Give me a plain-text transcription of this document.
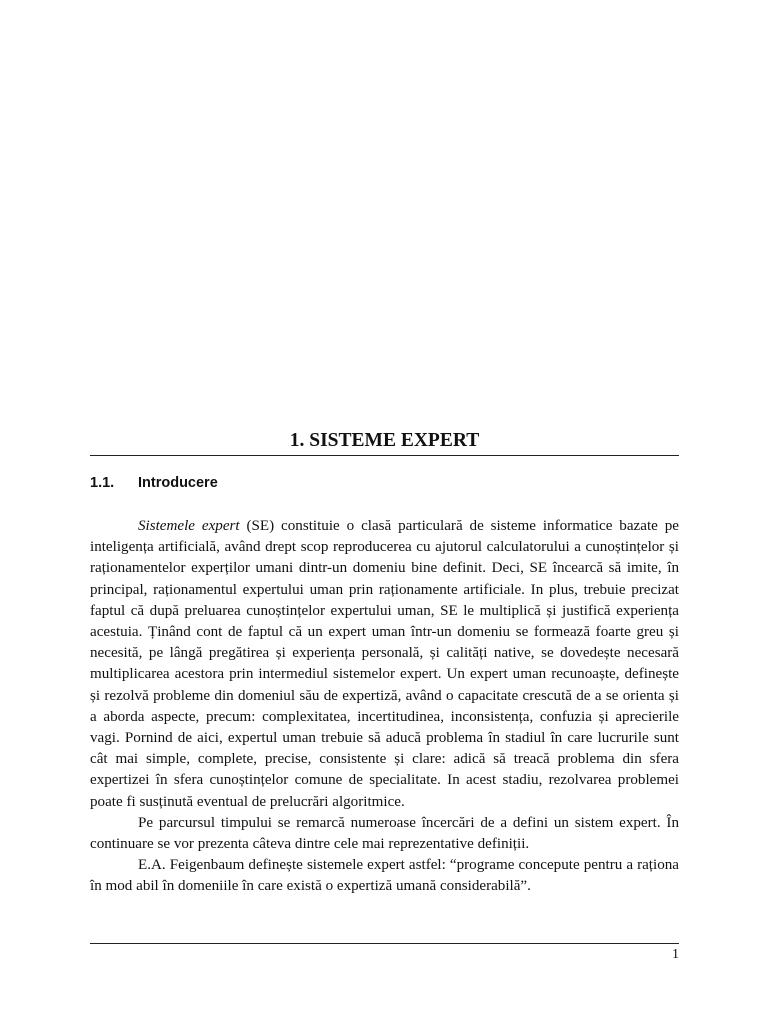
1. SISTEME EXPERT
1.1. Introducere

Sistemele expert (SE) constituie o clasă particulară de sisteme informatice bazate pe inteligența artificială, având drept scop reproducerea cu ajutorul calculatorului a cunoștințelor și raționamentelor experților umani dintr-un domeniu bine definit. Deci, SE încearcă să imite, în principal, raționamentul expertului uman prin raționamente artificiale. In plus, trebuie precizat faptul că după preluarea cunoștințelor expertului uman, SE le multiplică și justifică experiența acestuia. Ținând cont de faptul că un expert uman într-un domeniu se formează foarte greu și necesită, pe lângă pregătirea și experiența personală, și calități native, se dovedește necesară multiplicarea acestora prin intermediul sistemelor expert. Un expert uman recunoaște, definește și rezolvă probleme din domeniul său de expertiză, având o capacitate crescută de a se orienta și a aborda aspecte, precum: complexitatea, incertitudinea, inconsistența, confuzia și aprecierile vagi. Pornind de aici, expertul uman trebuie să aducă problema în stadiul în care lucrurile sunt cât mai simple, complete, precise, consistente și clare: adică să treacă problema din sfera expertizei în sfera cunoștințelor comune de specialitate. In acest stadiu, rezolvarea problemei poate fi susținută eventual de prelucrări algoritmice.

Pe parcursul timpului se remarcă numeroase încercări de a defini un sistem expert. În continuare se vor prezenta câteva dintre cele mai reprezentative definiții.

E.A. Feigenbaum definește sistemele expert astfel: “programe concepute pentru a raționa în mod abil în domeniile în care există o expertiză umană considerabilă”.

1
